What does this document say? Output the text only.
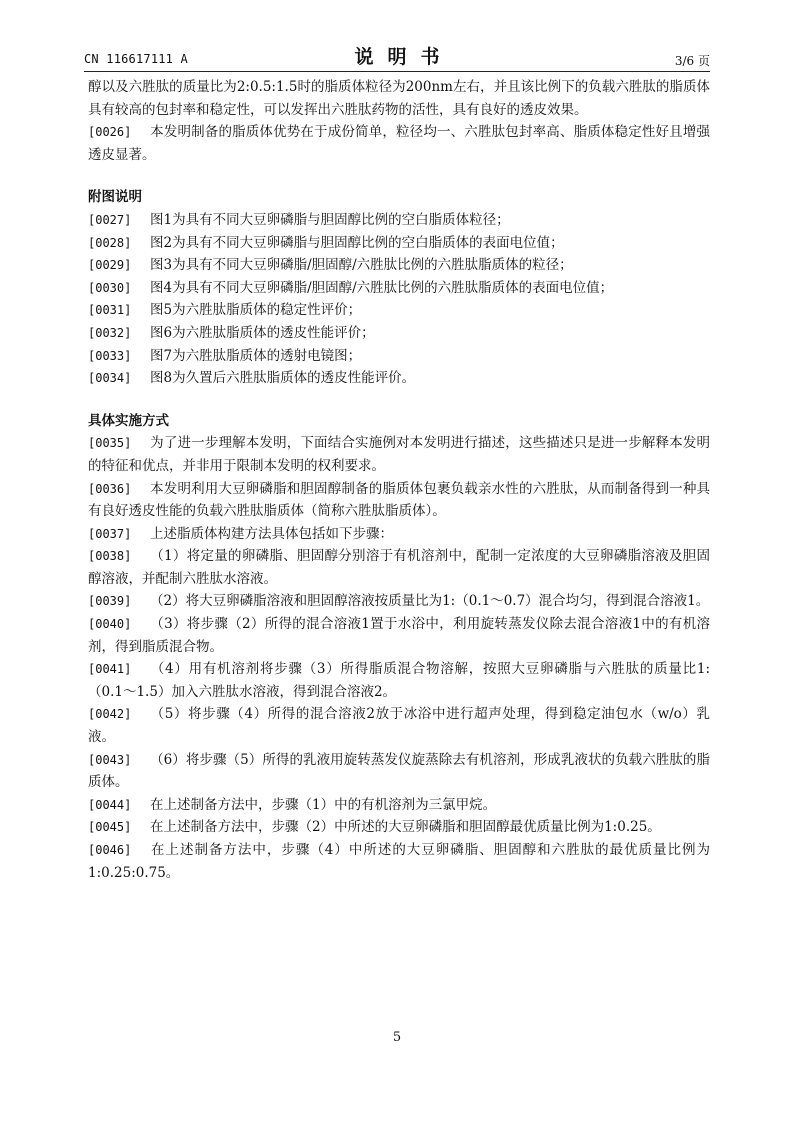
CN 116617111 A	说明书	3/6 页

醇以及六胜肽的质量比为2:0.5:1.5时的脂质体粒径为200nm左右，并且该比例下的负载六胜肽的脂质体具有较高的包封率和稳定性，可以发挥出六胜肽药物的活性，具有良好的透皮效果。

[0026] 本发明制备的脂质体优势在于成份简单，粒径均一、六胜肽包封率高、脂质体稳定性好且增强透皮显著。

附图说明

[0027]	图1为具有不同大豆卵磷脂与胆固醇比例的空白脂质体粒径；
[0028]	图2为具有不同大豆卵磷脂与胆固醇比例的空白脂质体的表面电位值；
[0029]	图3为具有不同大豆卵磷脂/胆固醇/六胜肽比例的六胜肽脂质体的粒径；
[0030]	图4为具有不同大豆卵磷脂/胆固醇/六胜肽比例的六胜肽脂质体的表面电位值；
[0031]	图5为六胜肽脂质体的稳定性评价；
[0032]	图6为六胜肽脂质体的透皮性能评价；
[0033]	图7为六胜肽脂质体的透射电镜图；
[0034]	图8为久置后六胜肽脂质体的透皮性能评价。

具体实施方式

[0035] 为了进一步理解本发明，下面结合实施例对本发明进行描述，这些描述只是进一步解释本发明的特征和优点，并非用于限制本发明的权利要求。

[0036] 本发明利用大豆卵磷脂和胆固醇制备的脂质体包裹负载亲水性的六胜肽，从而制备得到一种具有良好透皮性能的负载六胜肽脂质体（简称六胜肽脂质体）。

[0037] 上述脂质体构建方法具体包括如下步骤：

[0038] （1）将定量的卵磷脂、胆固醇分别溶于有机溶剂中，配制一定浓度的大豆卵磷脂溶液及胆固醇溶液，并配制六胜肽水溶液。

[0039] （2）将大豆卵磷脂溶液和胆固醇溶液按质量比为1:（0.1～0.7）混合均匀，得到混合溶液1。

[0040] （3）将步骤（2）所得的混合溶液1置于水浴中，利用旋转蒸发仪除去混合溶液1中的有机溶剂，得到脂质混合物。

[0041] （4）用有机溶剂将步骤（3）所得脂质混合物溶解，按照大豆卵磷脂与六胜肽的质量比1:（0.1～1.5）加入六胜肽水溶液，得到混合溶液2。

[0042] （5）将步骤（4）所得的混合溶液2放于冰浴中进行超声处理，得到稳定油包水（w/o）乳液。

[0043] （6）将步骤（5）所得的乳液用旋转蒸发仪旋蒸除去有机溶剂，形成乳液状的负载六胜肽的脂质体。

[0044] 在上述制备方法中，步骤（1）中的有机溶剂为三氯甲烷。

[0045] 在上述制备方法中，步骤（2）中所述的大豆卵磷脂和胆固醇最优质量比例为1:0.25。

[0046] 在上述制备方法中，步骤（4）中所述的大豆卵磷脂、胆固醇和六胜肽的最优质量比例为1:0.25:0.75。

5
